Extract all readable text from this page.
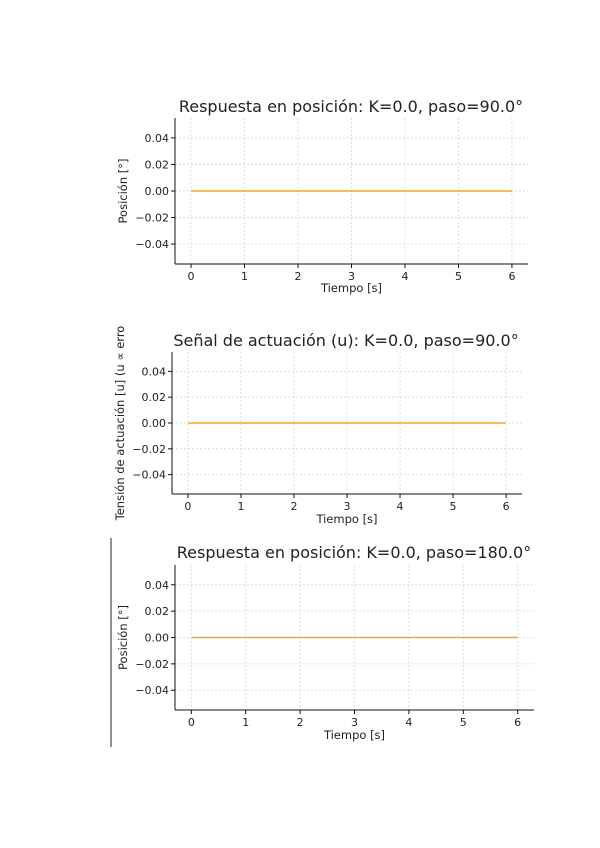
0	1	2	3	4	5	6
0.04
0.02
0.00
−0.02
−0.04
Respuesta en posición: K=0.0, paso=90.0°
Tiempo [s]
Posición [°]
0	1	2	3	4	5	6
0.04
0.02
0.00
−0.02
−0.04
Señal de actuación (u): K=0.0, paso=90.0°
Tiempo [s]
Tensión de actuación [u] (u ∝ erro
0	1	2	3	4	5	6
0.04
0.02
0.00
−0.02
−0.04
Respuesta en posición: K=0.0, paso=180.0°
Tiempo [s]
Posición [°]
